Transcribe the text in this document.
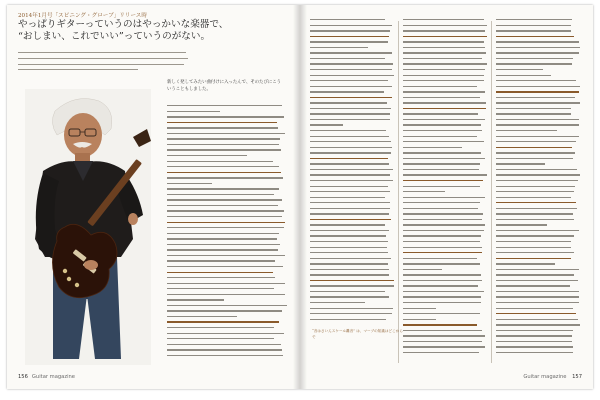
2014年1月号「スピニング・グローブ」リリース時
やっぱりギターっていうのはやっかいな楽器で、
“おしまい、これでいい”っていうのがない。
新しく発してみたい曲付けに入ったんで、そのたびにこういうこともしました。
156 Guitar magazine
“音はさいんスケール離音” は、マーブの知識はどこからで
Guitar magazine 157
